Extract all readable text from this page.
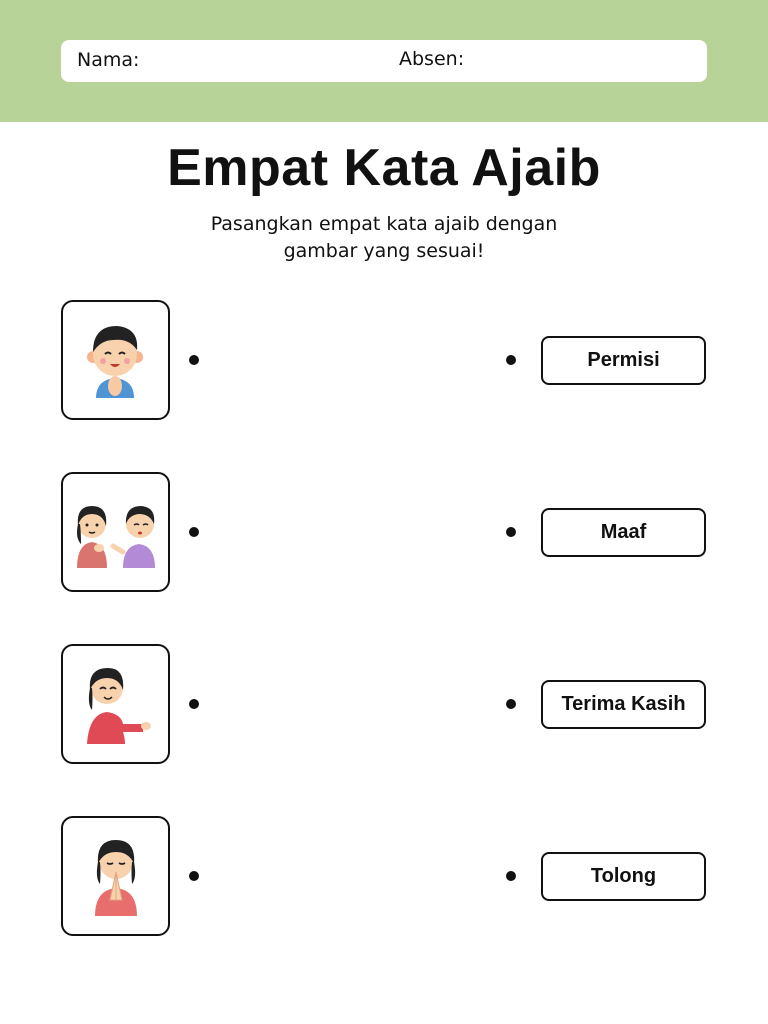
Nama:	Absen:
Empat Kata Ajaib
Pasangkan empat kata ajaib dengan gambar yang sesuai!
Permisi
Maaf
Terima Kasih
Tolong
